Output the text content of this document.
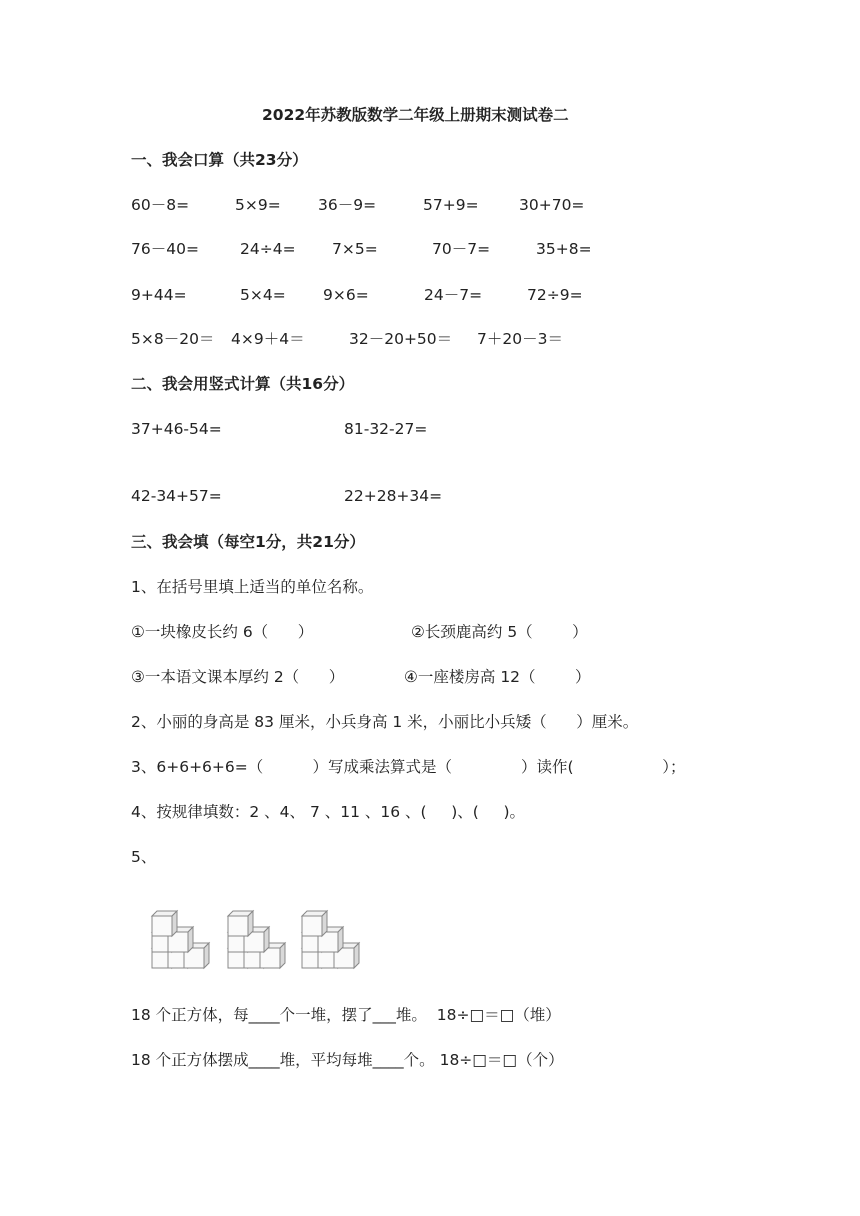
2022年苏教版数学二年级上册期末测试卷二
一、我会口算（共23分）
60－8=	5×9= 36－9=	57+9=	30+70=
76－40=	24÷4= 7×5=	70－7=	35+8=
9+44=	5×4= 9×6=	24－7=	72÷9=
5×8－20＝ 4×9＋4＝	32－20+50＝ 7＋20－3＝
二、我会用竖式计算（共16分）
37+46-54=	81-32-27=
42-34+57=	22+28+34=
三、我会填（每空1分，共21分）
1、在括号里填上适当的单位名称。
①一块橡皮长约 6（      ）	②长颈鹿高约 5（        ）
③一本语文课本厚约 2（      ）	④一座楼房高 12（        ）
2、小丽的身高是 83 厘米，小兵身高 1 米，小丽比小兵矮（      ）厘米。
3、6+6+6+6=（          ）写成乘法算式是（              ）读作(                  ）；
4、按规律填数：2 、4、 7 、11 、16 、(     )、(     )。
5、
18 个正方体，每____个一堆，摆了___堆。  18÷□＝□（堆）
18 个正方体摆成____堆，平均每堆____个。 18÷□＝□（个）
